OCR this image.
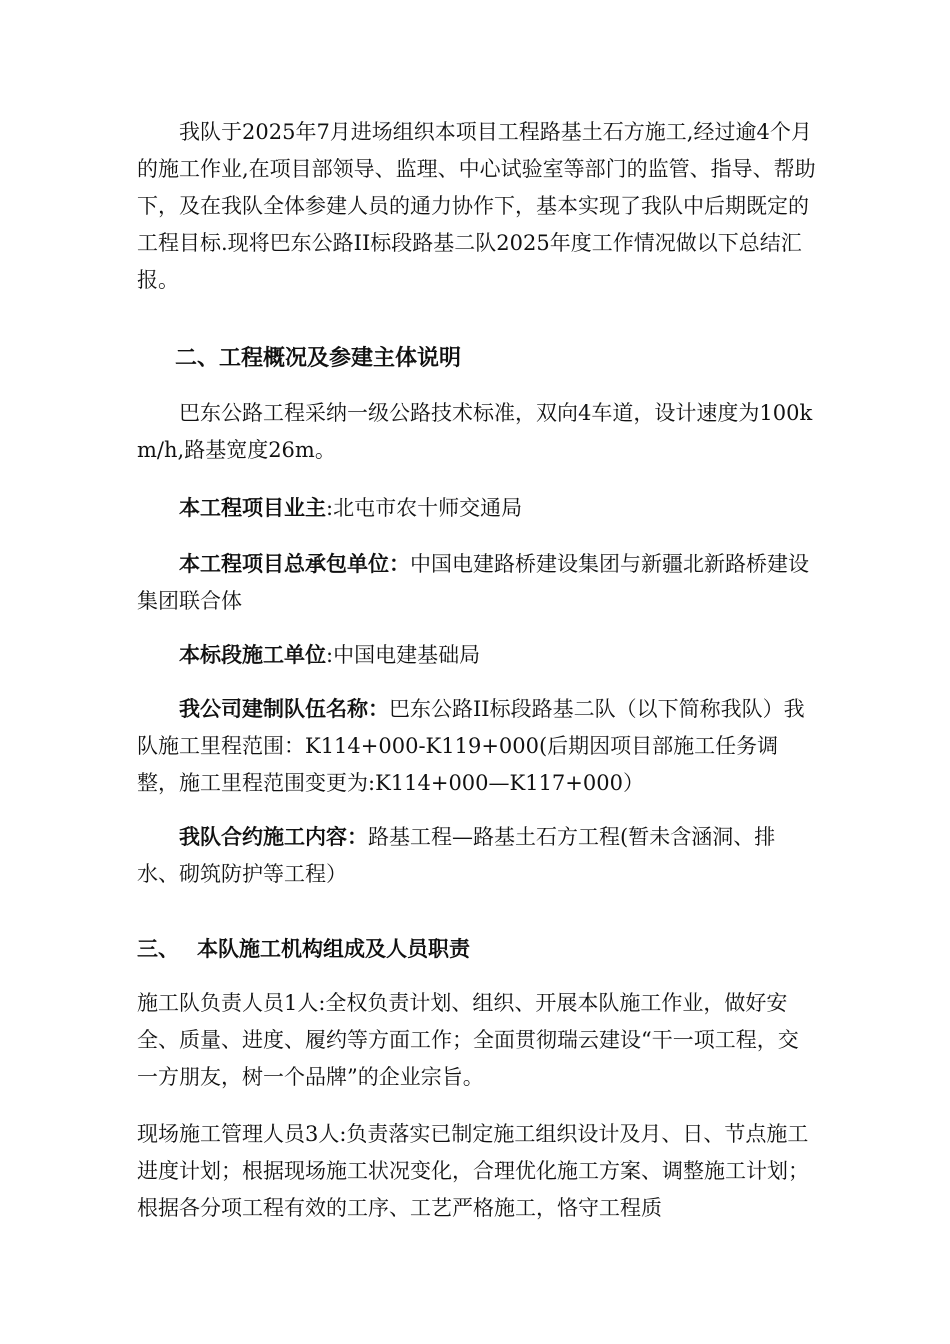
我队于2025年7月进场组织本项目工程路基土石方施工,经过逾4个月的施工作业,在项目部领导、监理、中心试验室等部门的监管、指导、帮助下，及在我队全体参建人员的通力协作下，基本实现了我队中后期既定的工程目标.现将巴东公路II标段路基二队2025年度工作情况做以下总结汇报。

二、工程概况及参建主体说明

巴东公路工程采纳一级公路技术标准，双向4车道，设计速度为100km/h,路基宽度26m。

本工程项目业主:北屯市农十师交通局

本工程项目总承包单位：中国电建路桥建设集团与新疆北新路桥建设集团联合体

本标段施工单位:中国电建基础局

我公司建制队伍名称：巴东公路II标段路基二队（以下简称我队）我队施工里程范围：K114+000-K119+000(后期因项目部施工任务调整，施工里程范围变更为:K114+000—K117+000）

我队合约施工内容：路基工程—路基土石方工程(暂未含涵洞、排水、砌筑防护等工程）

三、 本队施工机构组成及人员职责

施工队负责人员1人:全权负责计划、组织、开展本队施工作业，做好安全、质量、进度、履约等方面工作；全面贯彻瑞云建设“干一项工程，交一方朋友，树一个品牌”的企业宗旨。

现场施工管理人员3人:负责落实已制定施工组织设计及月、日、节点施工进度计划；根据现场施工状况变化，合理优化施工方案、调整施工计划；根据各分项工程有效的工序、工艺严格施工，恪守工程质
